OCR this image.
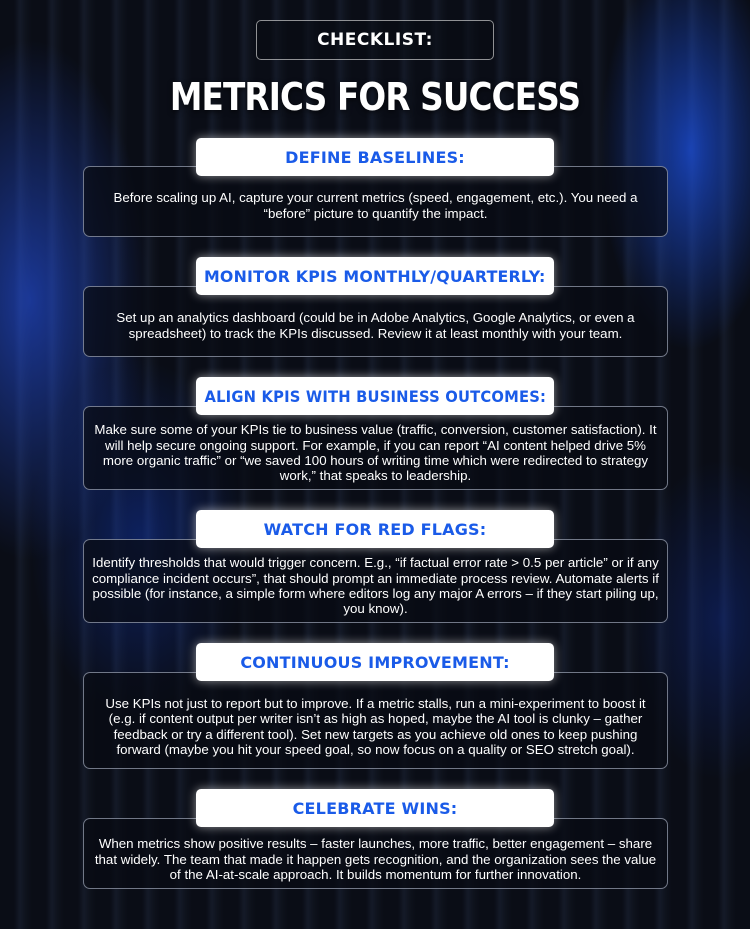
CHECKLIST:
METRICS FOR SUCCESS
Before scaling up AI, capture your current metrics (speed, engagement, etc.). You need a “before” picture to quantify the impact.
DEFINE BASELINES:
Set up an analytics dashboard (could be in Adobe Analytics, Google Analytics, or even a spreadsheet) to track the KPIs discussed. Review it at least monthly with your team.
MONITOR KPIS MONTHLY/QUARTERLY:
Make sure some of your KPIs tie to business value (traffic, conversion, customer satisfaction). It will help secure ongoing support. For example, if you can report “AI content helped drive 5% more organic traffic” or “we saved 100 hours of writing time which were redirected to strategy work,” that speaks to leadership.
ALIGN KPIS WITH BUSINESS OUTCOMES:
Identify thresholds that would trigger concern. E.g., “if factual error rate > 0.5 per article” or if any compliance incident occurs”, that should prompt an immediate process review. Automate alerts if possible (for instance, a simple form where editors log any major A errors – if they start piling up, you know).
WATCH FOR RED FLAGS:
Use KPIs not just to report but to improve. If a metric stalls, run a mini-experiment to boost it (e.g. if content output per writer isn’t as high as hoped, maybe the AI tool is clunky – gather feedback or try a different tool). Set new targets as you achieve old ones to keep pushing forward (maybe you hit your speed goal, so now focus on a quality or SEO stretch goal).
CONTINUOUS IMPROVEMENT:
When metrics show positive results – faster launches, more traffic, better engagement – share that widely. The team that made it happen gets recognition, and the organization sees the value of the AI-at-scale approach. It builds momentum for further innovation.
CELEBRATE WINS:
